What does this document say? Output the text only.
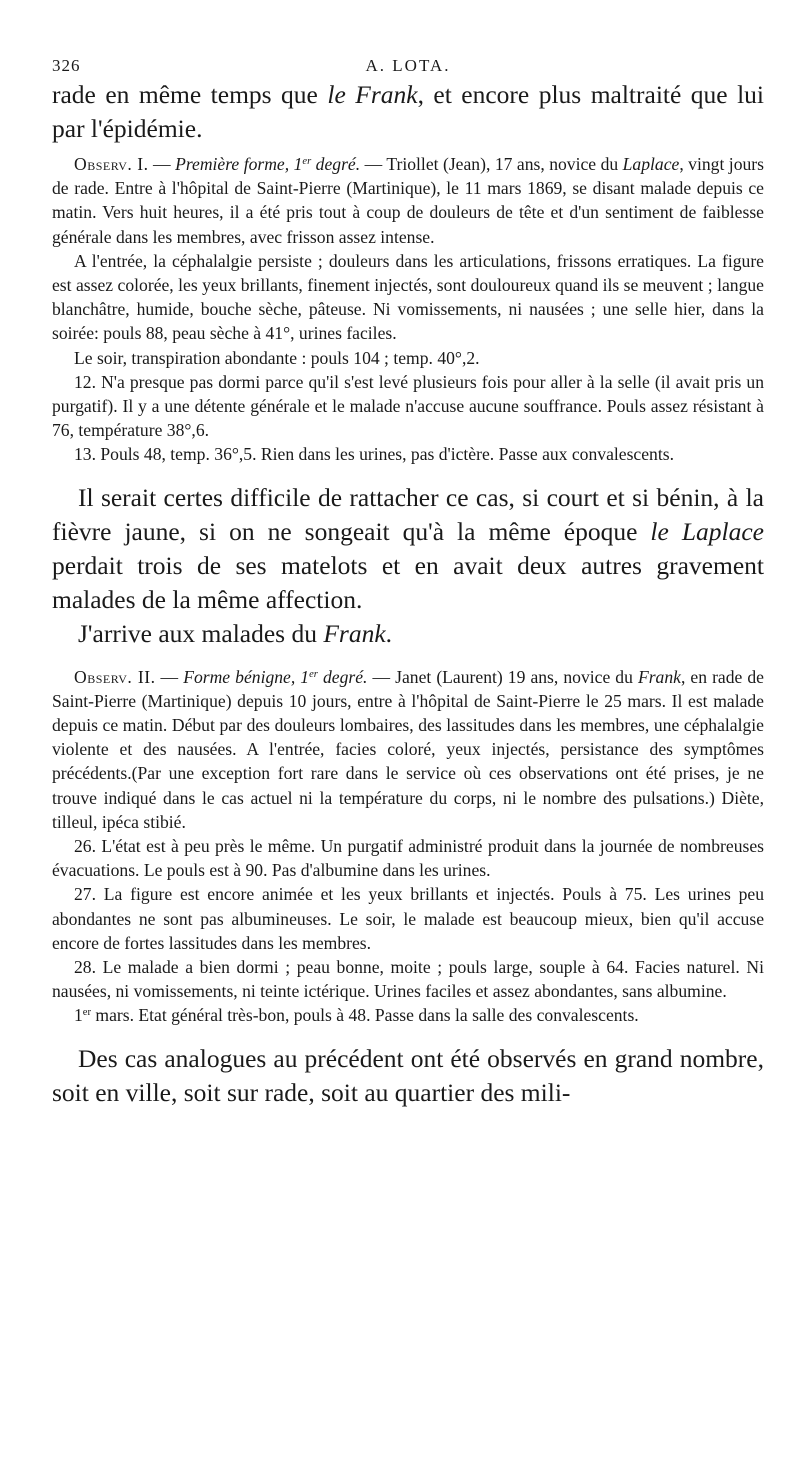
326	A. LOTA.

rade en même temps que le Frank, et encore plus maltraité que lui par l'épidémie.

Observ. I. — Première forme, 1er degré. — Triollet (Jean), 17 ans, novice du Laplace, vingt jours de rade. Entre à l'hôpital de Saint-Pierre (Martinique), le 11 mars 1869, se disant malade depuis ce matin. Vers huit heures, il a été pris tout à coup de douleurs de tête et d'un sentiment de faiblesse générale dans les membres, avec frisson assez intense.

A l'entrée, la céphalalgie persiste ; douleurs dans les articulations, frissons erratiques. La figure est assez colorée, les yeux brillants, finement injectés, sont douloureux quand ils se meuvent ; langue blanchâtre, humide, bouche sèche, pâteuse. Ni vomissements, ni nausées ; une selle hier, dans la soirée: pouls 88, peau sèche à 41°, urines faciles.

Le soir, transpiration abondante : pouls 104 ; temp. 40°,2.

12. N'a presque pas dormi parce qu'il s'est levé plusieurs fois pour aller à la selle (il avait pris un purgatif). Il y a une détente générale et le malade n'accuse aucune souffrance. Pouls assez résistant à 76, température 38°,6.

13. Pouls 48, temp. 36°,5. Rien dans les urines, pas d'ictère. Passe aux convalescents.

Il serait certes difficile de rattacher ce cas, si court et si bénin, à la fièvre jaune, si on ne songeait qu'à la même époque le Laplace perdait trois de ses matelots et en avait deux autres gravement malades de la même affection.

J'arrive aux malades du Frank.

Observ. II. — Forme bénigne, 1er degré. — Janet (Laurent) 19 ans, novice du Frank, en rade de Saint-Pierre (Martinique) depuis 10 jours, entre à l'hôpital de Saint-Pierre le 25 mars. Il est malade depuis ce matin. Début par des douleurs lombaires, des lassitudes dans les membres, une céphalalgie violente et des nausées. A l'entrée, facies coloré, yeux injectés, persistance des symptômes précédents.(Par une exception fort rare dans le service où ces observations ont été prises, je ne trouve indiqué dans le cas actuel ni la température du corps, ni le nombre des pulsations.) Diète, tilleul, ipéca stibié.

26. L'état est à peu près le même. Un purgatif administré produit dans la journée de nombreuses évacuations. Le pouls est à 90. Pas d'albumine dans les urines.

27. La figure est encore animée et les yeux brillants et injectés. Pouls à 75. Les urines peu abondantes ne sont pas albumineuses. Le soir, le malade est beaucoup mieux, bien qu'il accuse encore de fortes lassitudes dans les membres.

28. Le malade a bien dormi ; peau bonne, moite ; pouls large, souple à 64. Facies naturel. Ni nausées, ni vomissements, ni teinte ictérique. Urines faciles et assez abondantes, sans albumine.

1er mars. Etat général très-bon, pouls à 48. Passe dans la salle des convalescents.

Des cas analogues au précédent ont été observés en grand nombre, soit en ville, soit sur rade, soit au quartier des mili-
